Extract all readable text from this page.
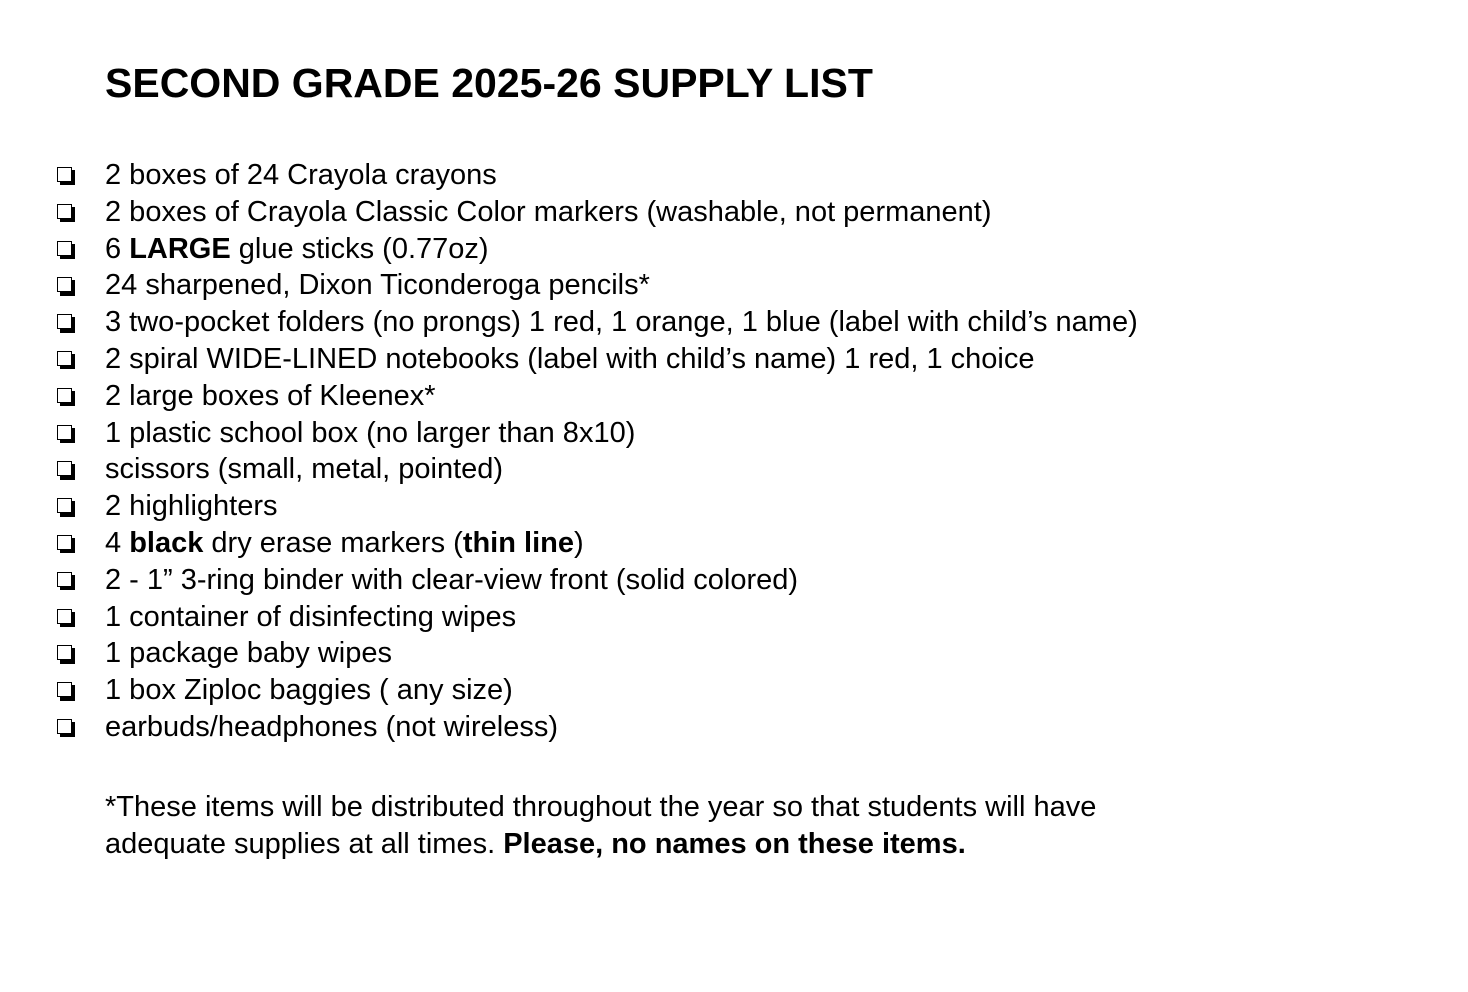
SECOND GRADE 2025-26 SUPPLY LIST
2 boxes of 24 Crayola crayons
2 boxes of Crayola Classic Color markers (washable, not permanent)
6 LARGE glue sticks (0.77oz)
24 sharpened, Dixon Ticonderoga pencils*
3 two-pocket folders (no prongs) 1 red, 1 orange, 1 blue (label with child’s name)
2 spiral WIDE-LINED notebooks (label with child’s name) 1 red, 1 choice
2 large boxes of Kleenex*
1 plastic school box (no larger than 8x10)
scissors (small, metal, pointed)
2 highlighters
4 black dry erase markers (thin line)
2 - 1” 3-ring binder with clear-view front (solid colored)
1 container of disinfecting wipes
1 package baby wipes
1 box Ziploc baggies ( any size)
earbuds/headphones (not wireless)

*These items will be distributed throughout the year so that students will have
adequate supplies at all times. Please, no names on these items.
